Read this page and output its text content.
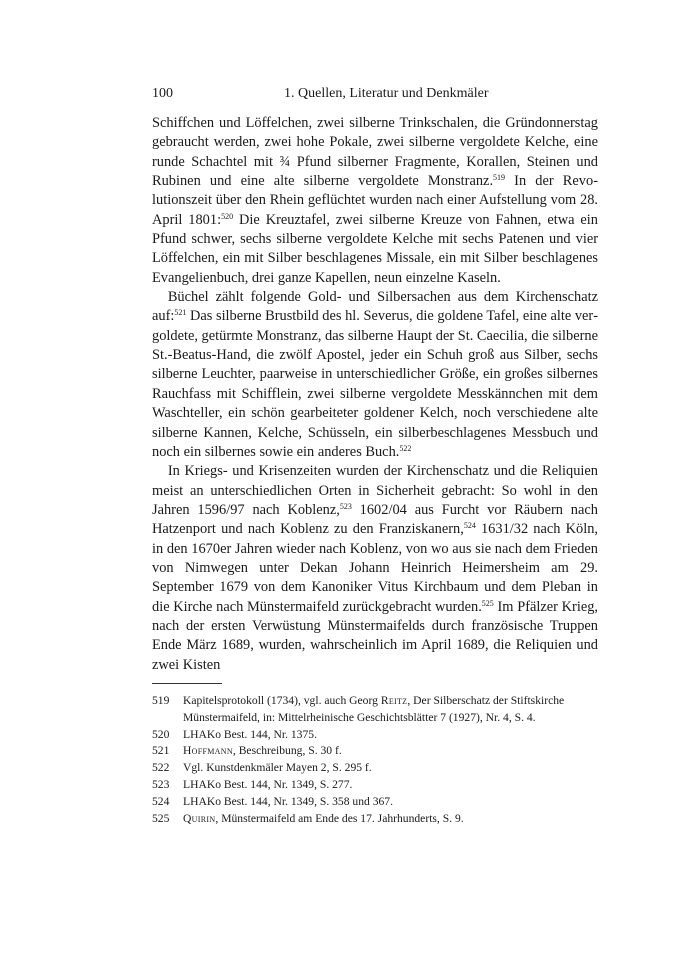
100	1. Quellen, Literatur und Denkmäler

Schiffchen und Löffelchen, zwei silberne Trinkschalen, die Gründonnerstag gebraucht werden, zwei hohe Pokale, zwei silberne vergoldete Kelche, eine runde Schachtel mit ¾ Pfund silberner Fragmente, Korallen, Steinen und Rubinen und eine alte silberne vergoldete Monstranz.$^{519}$ In der Revolutionszeit über den Rhein geflüchtet wurden nach einer Aufstellung vom 28. April 1801:$^{520}$ Die Kreuztafel, zwei silberne Kreuze von Fahnen, etwa ein Pfund schwer, sechs silberne vergoldete Kelche mit sechs Patenen und vier Löffelchen, ein mit Silber beschlagenes Missale, ein mit Silber beschlagenes Evangelienbuch, drei ganze Kapellen, neun einzelne Kaseln.

Büchel zählt folgende Gold- und Silbersachen aus dem Kirchenschatz auf:$^{521}$ Das silberne Brustbild des hl. Severus, die goldene Tafel, eine alte vergoldete, getürmte Monstranz, das silberne Haupt der St. Caecilia, die silberne St.-Beatus-Hand, die zwölf Apostel, jeder ein Schuh groß aus Silber, sechs silberne Leuchter, paarweise in unterschiedlicher Größe, ein großes silbernes Rauchfass mit Schifflein, zwei silberne vergoldete Messkännchen mit dem Waschteller, ein schön gearbeiteter goldener Kelch, noch verschiedene alte silberne Kannen, Kelche, Schüsseln, ein silberbeschlagenes Messbuch und noch ein silbernes sowie ein anderes Buch.$^{522}$

In Kriegs- und Krisenzeiten wurden der Kirchenschatz und die Reliquien meist an unterschiedlichen Orten in Sicherheit gebracht: So wohl in den Jahren 1596/97 nach Koblenz,$^{523}$ 1602/04 aus Furcht vor Räubern nach Hatzenport und nach Koblenz zu den Franziskanern,$^{524}$ 1631/32 nach Köln, in den 1670er Jahren wieder nach Koblenz, von wo aus sie nach dem Frieden von Nimwegen unter Dekan Johann Heinrich Heimersheim am 29. September 1679 von dem Kanoniker Vitus Kirchbaum und dem Pleban in die Kirche nach Münstermaifeld zurückgebracht wurden.$^{525}$ Im Pfälzer Krieg, nach der ersten Verwüstung Münstermaifelds durch französische Truppen Ende März 1689, wurden, wahrscheinlich im April 1689, die Reliquien und zwei Kisten

519 Kapitelsprotokoll (1734), vgl. auch Georg Reitz, Der Silberschatz der Stiftskirche Münstermaifeld, in: Mittelrheinische Geschichtsblätter 7 (1927), Nr. 4, S. 4.
520 LHAKo Best. 144, Nr. 1375.
521 Hoffmann, Beschreibung, S. 30 f.
522 Vgl. Kunstdenkmäler Mayen 2, S. 295 f.
523 LHAKo Best. 144, Nr. 1349, S. 277.
524 LHAKo Best. 144, Nr. 1349, S. 358 und 367.
525 Quirin, Münstermaifeld am Ende des 17. Jahrhunderts, S. 9.
